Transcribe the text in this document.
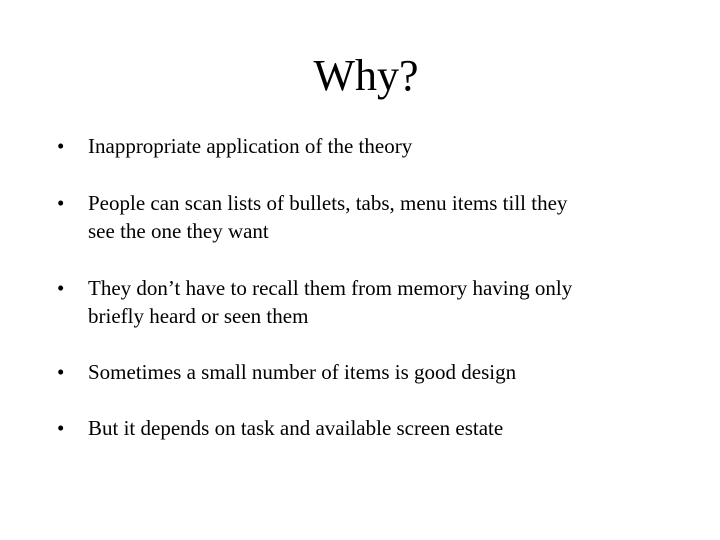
Why?
•	Inappropriate application of the theory
•	People can scan lists of bullets, tabs, menu items till they
see the one they want
•	They don’t have to recall them from memory having only
briefly heard or seen them
•	Sometimes a small number of items is good design
•	But it depends on task and available screen estate
